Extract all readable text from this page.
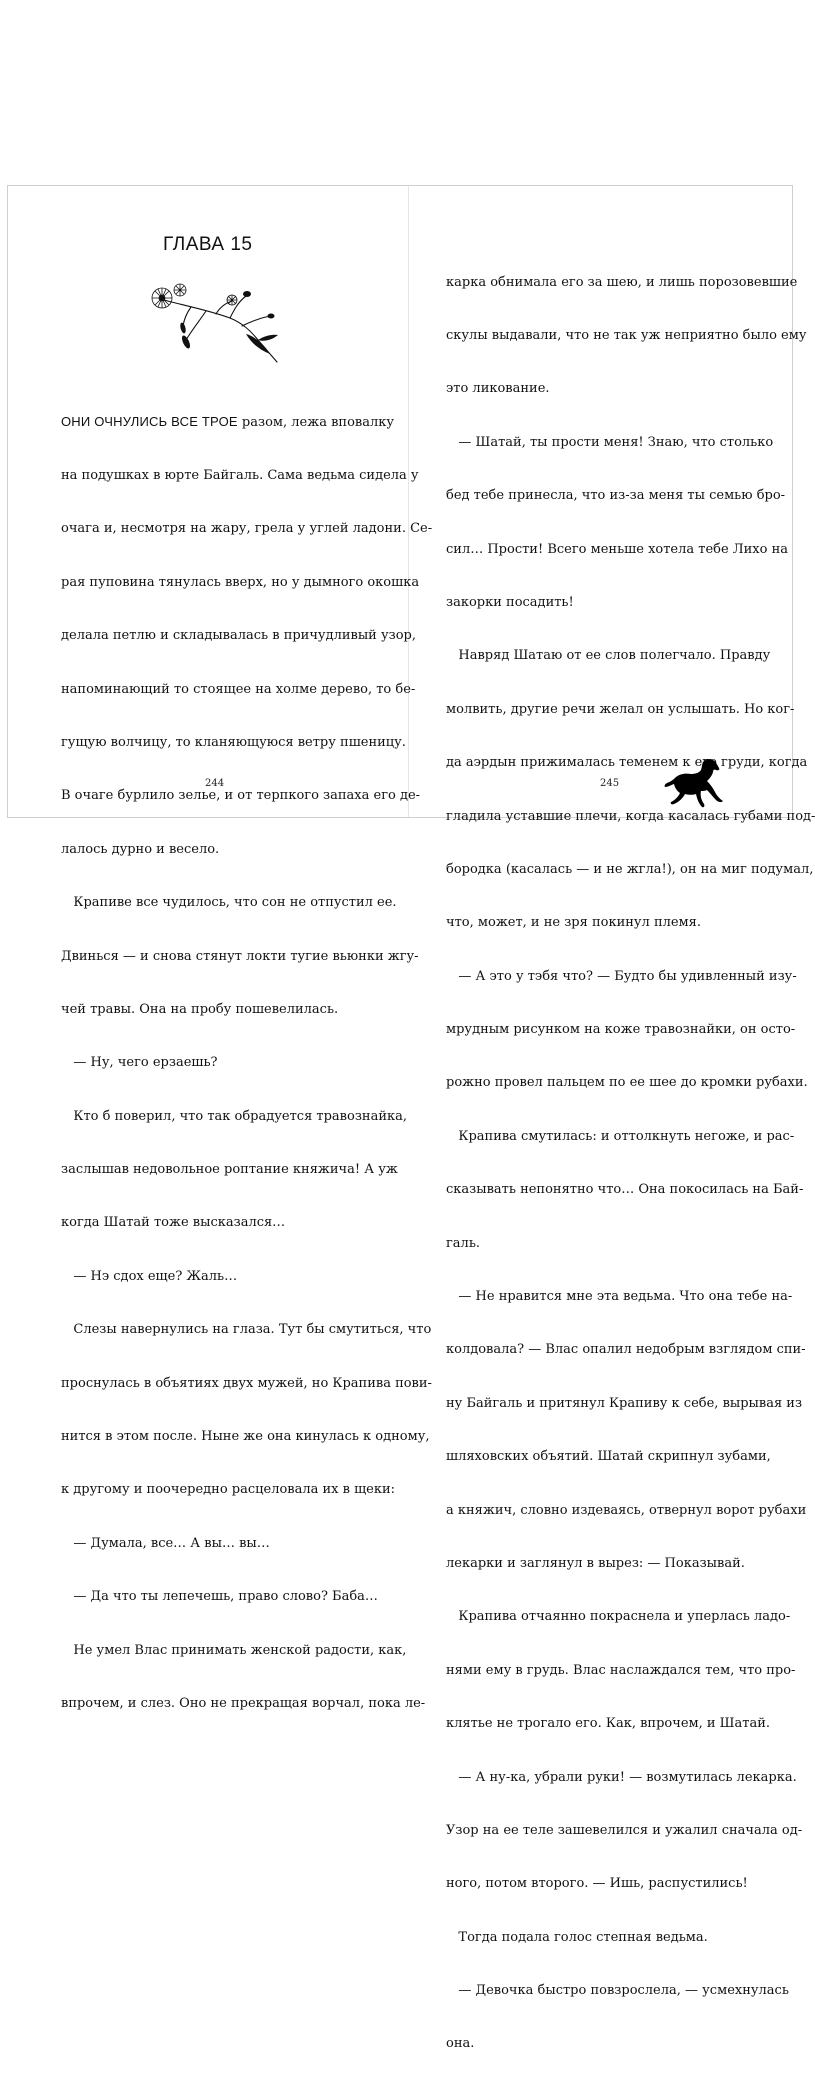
ГЛАВА 15

ОНИ ОЧНУЛИСЬ ВСЕ ТРОЕ разом, лежа вповалку

на подушках в юрте Байгаль. Сама ведьма сидела у

очага и, несмотря на жару, грела у углей ладони. Се-

рая пуповина тянулась вверх, но у дымного окошка

делала петлю и складывалась в причудливый узор,

напоминающий то стоящее на холме дерево, то бе-

гущую волчицу, то кланяющуюся ветру пшеницу.

В очаге бурлило зелье, и от терпкого запаха его де-

лалось дурно и весело.

Крапиве все чудилось, что сон не отпустил ее.

Двинься — и снова стянут локти тугие вьюнки жгу-

чей травы. Она на пробу пошевелилась.

— Ну, чего ерзаешь?

Кто б поверил, что так обрадуется травознайка,

заслышав недовольное роптание княжича! А уж

когда Шатай тоже высказался…

— Нэ сдох еще? Жаль…

Слезы навернулись на глаза. Тут бы смутиться, что

проснулась в объятиях двух мужей, но Крапива пови-

нится в этом после. Ныне же она кинулась к одному,

к другому и поочередно расцеловала их в щеки:

— Думала, все… А вы… вы…

— Да что ты лепечешь, право слово? Баба…

Не умел Влас принимать женской радости, как,

впрочем, и слез. Оно не прекращая ворчал, пока ле-

244

карка обнимала его за шею, и лишь порозовевшие

скулы выдавали, что не так уж неприятно было ему

это ликование.

— Шатай, ты прости меня! Знаю, что столько

бед тебе принесла, что из-за меня ты семью бро-

сил… Прости! Всего меньше хотела тебе Лихо на

закорки посадить!

Навряд Шатаю от ее слов полегчало. Правду

молвить, другие речи желал он услышать. Но ког-

да аэрдын прижималась теменем к его груди, когда

гладила уставшие плечи, когда касалась губами под-

бородка (касалась — и не жгла!), он на миг подумал,

что, может, и не зря покинул племя.

— А это у тэбя что? — Будто бы удивленный изу-

мрудным рисунком на коже травознайки, он осто-

рожно провел пальцем по ее шее до кромки рубахи.

Крапива смутилась: и оттолкнуть негоже, и рас-

сказывать непонятно что… Она покосилась на Бай-

галь.

— Не нравится мне эта ведьма. Что она тебе на-

колдовала? — Влас опалил недобрым взглядом спи-

ну Байгаль и притянул Крапиву к себе, вырывая из

шляховских объятий. Шатай скрипнул зубами,

а княжич, словно издеваясь, отвернул ворот рубахи

лекарки и заглянул в вырез: — Показывай.

Крапива отчаянно покраснела и уперлась ладо-

нями ему в грудь. Влас наслаждался тем, что про-

клятье не трогало его. Как, впрочем, и Шатай.

— А ну-ка, убрали руки! — возмутилась лекарка.

Узор на ее теле зашевелился и ужалил сначала од-

ного, потом второго. — Ишь, распустились!

Тогда подала голос степная ведьма.

— Девочка быстро повзрослела, — усмехнулась

она.

245
